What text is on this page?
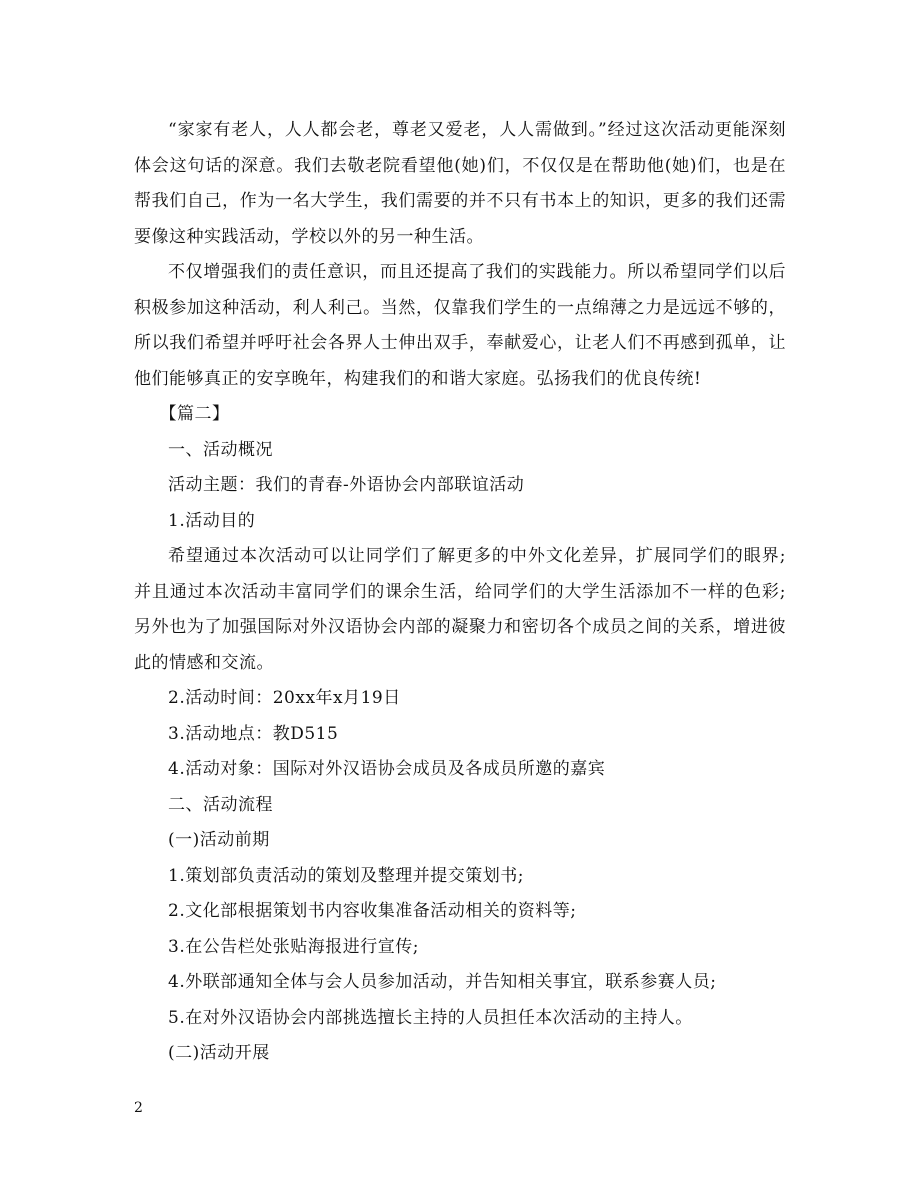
“家家有老人，人人都会老，尊老又爱老，人人需做到。”经过这次活动更能深刻体会这句话的深意。我们去敬老院看望他(她)们，不仅仅是在帮助他(她)们，也是在帮我们自己，作为一名大学生，我们需要的并不只有书本上的知识，更多的我们还需要像这种实践活动，学校以外的另一种生活。

不仅增强我们的责任意识，而且还提高了我们的实践能力。所以希望同学们以后积极参加这种活动，利人利己。当然，仅靠我们学生的一点绵薄之力是远远不够的，所以我们希望并呼吁社会各界人士伸出双手，奉献爱心，让老人们不再感到孤单，让他们能够真正的安享晚年，构建我们的和谐大家庭。弘扬我们的优良传统!

【篇二】

一、活动概况

活动主题：我们的青春-外语协会内部联谊活动

1.活动目的

希望通过本次活动可以让同学们了解更多的中外文化差异，扩展同学们的眼界;并且通过本次活动丰富同学们的课余生活，给同学们的大学生活添加不一样的色彩;另外也为了加强国际对外汉语协会内部的凝聚力和密切各个成员之间的关系，增进彼此的情感和交流。

2.活动时间：20xx年x月19日

3.活动地点：教D515

4.活动对象：国际对外汉语协会成员及各成员所邀的嘉宾

二、活动流程

(一)活动前期

1.策划部负责活动的策划及整理并提交策划书;

2.文化部根据策划书内容收集准备活动相关的资料等;

3.在公告栏处张贴海报进行宣传;

4.外联部通知全体与会人员参加活动，并告知相关事宜，联系参赛人员;

5.在对外汉语协会内部挑选擅长主持的人员担任本次活动的主持人。

(二)活动开展

2
